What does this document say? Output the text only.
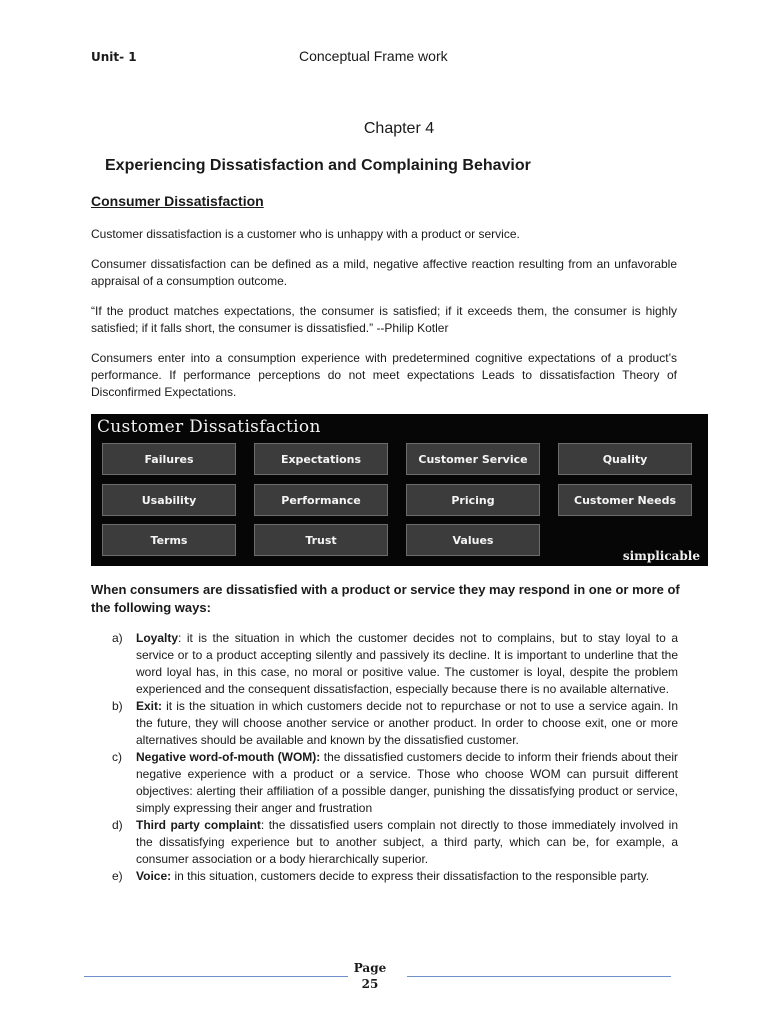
Unit- 1	Conceptual Frame work
Chapter 4
Experiencing Dissatisfaction and Complaining Behavior
Consumer Dissatisfaction
Customer dissatisfaction is a customer who is unhappy with a product or service.
Consumer dissatisfaction can be defined as a mild, negative affective reaction resulting from an unfavorable appraisal of a consumption outcome.
“If the product matches expectations, the consumer is satisfied; if it exceeds them, the consumer is highly satisfied; if it falls short, the consumer is dissatisfied.” --Philip Kotler
Consumers enter into a consumption experience with predetermined cognitive expectations of a product’s performance. If performance perceptions do not meet expectations Leads to dissatisfaction Theory of Disconfirmed Expectations.
Customer Dissatisfaction
Failures	Expectations	Customer Service	Quality
Usability	Performance	Pricing	Customer Needs
Terms	Trust	Values
simplicable
When consumers are dissatisfied with a product or service they may respond in one or more of the following ways:
a) Loyalty: it is the situation in which the customer decides not to complains, but to stay loyal to a service or to a product accepting silently and passively its decline. It is important to underline that the word loyal has, in this case, no moral or positive value. The customer is loyal, despite the problem experienced and the consequent dissatisfaction, especially because there is no available alternative.
b) Exit: it is the situation in which customers decide not to repurchase or not to use a service again. In the future, they will choose another service or another product. In order to choose exit, one or more alternatives should be available and known by the dissatisfied customer.
c) Negative word-of-mouth (WOM): the dissatisfied customers decide to inform their friends about their negative experience with a product or a service. Those who choose WOM can pursuit different objectives: alerting their affiliation of a possible danger, punishing the dissatisfying product or service, simply expressing their anger and frustration
d) Third party complaint: the dissatisfied users complain not directly to those immediately involved in the dissatisfying experience but to another subject, a third party, which can be, for example, a consumer association or a body hierarchically superior.
e) Voice: in this situation, customers decide to express their dissatisfaction to the responsible party.
Page
25
